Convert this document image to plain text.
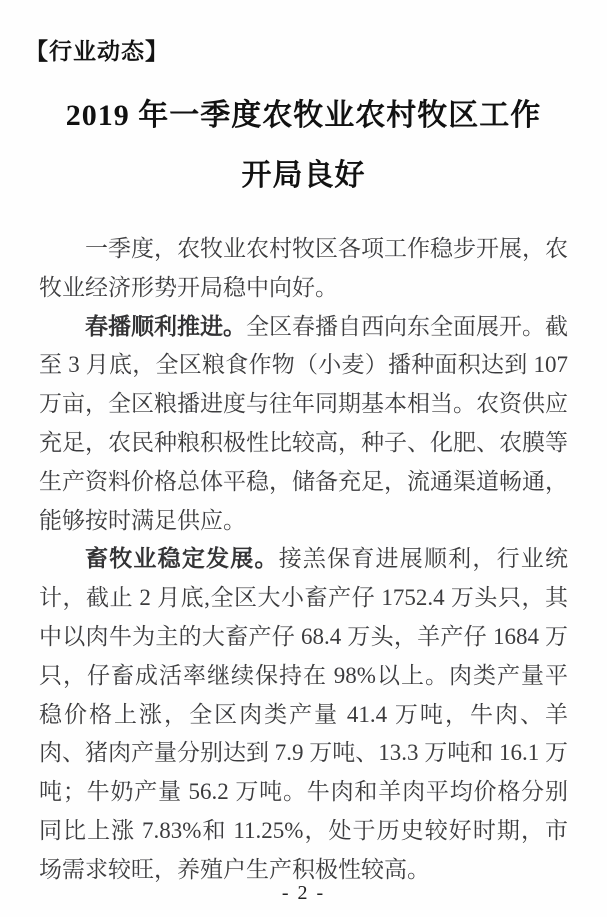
【行业动态】
2019 年一季度农牧业农村牧区工作
开局良好

一季度，农牧业农村牧区各项工作稳步开展，农牧业经济形势开局稳中向好。

春播顺利推进。全区春播自西向东全面展开。截至 3 月底，全区粮食作物（小麦）播种面积达到 107 万亩，全区粮播进度与往年同期基本相当。农资供应充足，农民种粮积极性比较高，种子、化肥、农膜等生产资料价格总体平稳，储备充足，流通渠道畅通，能够按时满足供应。

畜牧业稳定发展。接羔保育进展顺利，行业统计，截止 2 月底,全区大小畜产仔 1752.4 万头只，其中以肉牛为主的大畜产仔 68.4 万头，羊产仔 1684 万只，仔畜成活率继续保持在 98%以上。肉类产量平稳价格上涨，全区肉类产量 41.4 万吨，牛肉、羊肉、猪肉产量分别达到 7.9 万吨、13.3 万吨和 16.1 万吨；牛奶产量 56.2 万吨。牛肉和羊肉平均价格分别同比上涨 7.83%和 11.25%，处于历史较好时期，市场需求较旺，养殖户生产积极性较高。

- 2 -
